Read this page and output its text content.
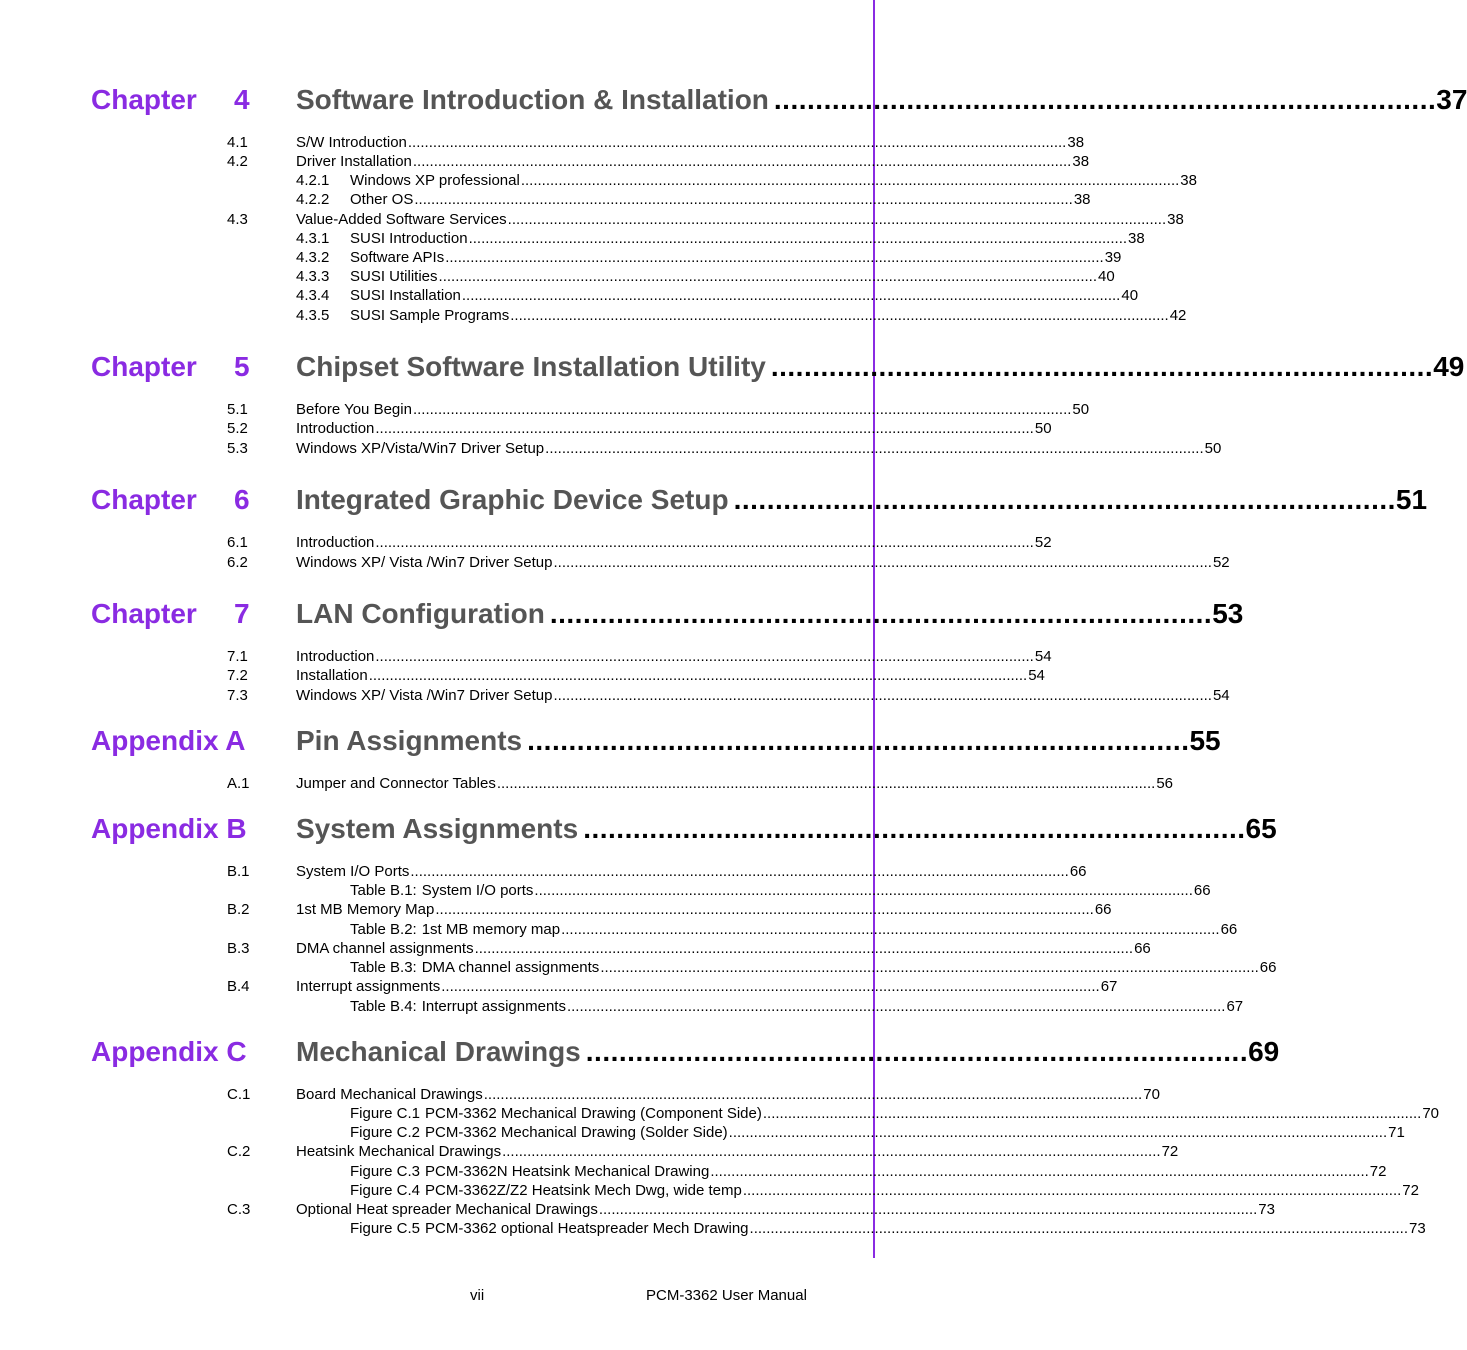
Chapter 4 Software Introduction & Installation ................................................................................ 37
4.1	S/W Introduction .............................................................................................................................................................. 38
4.2	Driver Installation .............................................................................................................................................................. 38
4.2.1	Windows XP professional .............................................................................................................................................................. 38
4.2.2	Other OS .............................................................................................................................................................. 38
4.3	Value-Added Software Services .............................................................................................................................................................. 38
4.3.1	SUSI Introduction .............................................................................................................................................................. 38
4.3.2	Software APIs .............................................................................................................................................................. 39
4.3.3	SUSI Utilities .............................................................................................................................................................. 40
4.3.4	SUSI Installation .............................................................................................................................................................. 40
4.3.5	SUSI Sample Programs .............................................................................................................................................................. 42
Chapter 5 Chipset Software Installation Utility ................................................................................ 49
5.1	Before You Begin .............................................................................................................................................................. 50
5.2	Introduction .............................................................................................................................................................. 50
5.3	Windows XP/Vista/Win7 Driver Setup .............................................................................................................................................................. 50
Chapter 6 Integrated Graphic Device Setup ................................................................................ 51
6.1	Introduction .............................................................................................................................................................. 52
6.2	Windows XP/ Vista /Win7 Driver Setup .............................................................................................................................................................. 52
Chapter 7 LAN Configuration ................................................................................ 53
7.1	Introduction .............................................................................................................................................................. 54
7.2	Installation .............................................................................................................................................................. 54
7.3	Windows XP/ Vista /Win7 Driver Setup .............................................................................................................................................................. 54
Appendix A Pin Assignments ................................................................................ 55
A.1	Jumper and Connector Tables .............................................................................................................................................................. 56
Appendix B System Assignments ................................................................................ 65
B.1	System I/O Ports .............................................................................................................................................................. 66
Table B.1: System I/O ports .............................................................................................................................................................. 66
B.2	1st MB Memory Map .............................................................................................................................................................. 66
Table B.2: 1st MB memory map .............................................................................................................................................................. 66
B.3	DMA channel assignments .............................................................................................................................................................. 66
Table B.3: DMA channel assignments .............................................................................................................................................................. 66
B.4	Interrupt assignments .............................................................................................................................................................. 67
Table B.4: Interrupt assignments .............................................................................................................................................................. 67
Appendix C Mechanical Drawings ................................................................................ 69
C.1	Board Mechanical Drawings .............................................................................................................................................................. 70
Figure C.1 PCM-3362 Mechanical Drawing (Component Side) .............................................................................................................................................................. 70
Figure C.2 PCM-3362 Mechanical Drawing (Solder Side) .............................................................................................................................................................. 71
C.2	Heatsink Mechanical Drawings .............................................................................................................................................................. 72
Figure C.3 PCM-3362N Heatsink Mechanical Drawing .............................................................................................................................................................. 72
Figure C.4 PCM-3362Z/Z2 Heatsink Mech Dwg, wide temp .............................................................................................................................................................. 72
C.3	Optional Heat spreader Mechanical Drawings .............................................................................................................................................................. 73
Figure C.5 PCM-3362 optional Heatspreader Mech Drawing .............................................................................................................................................................. 73
vii	PCM-3362 User Manual
